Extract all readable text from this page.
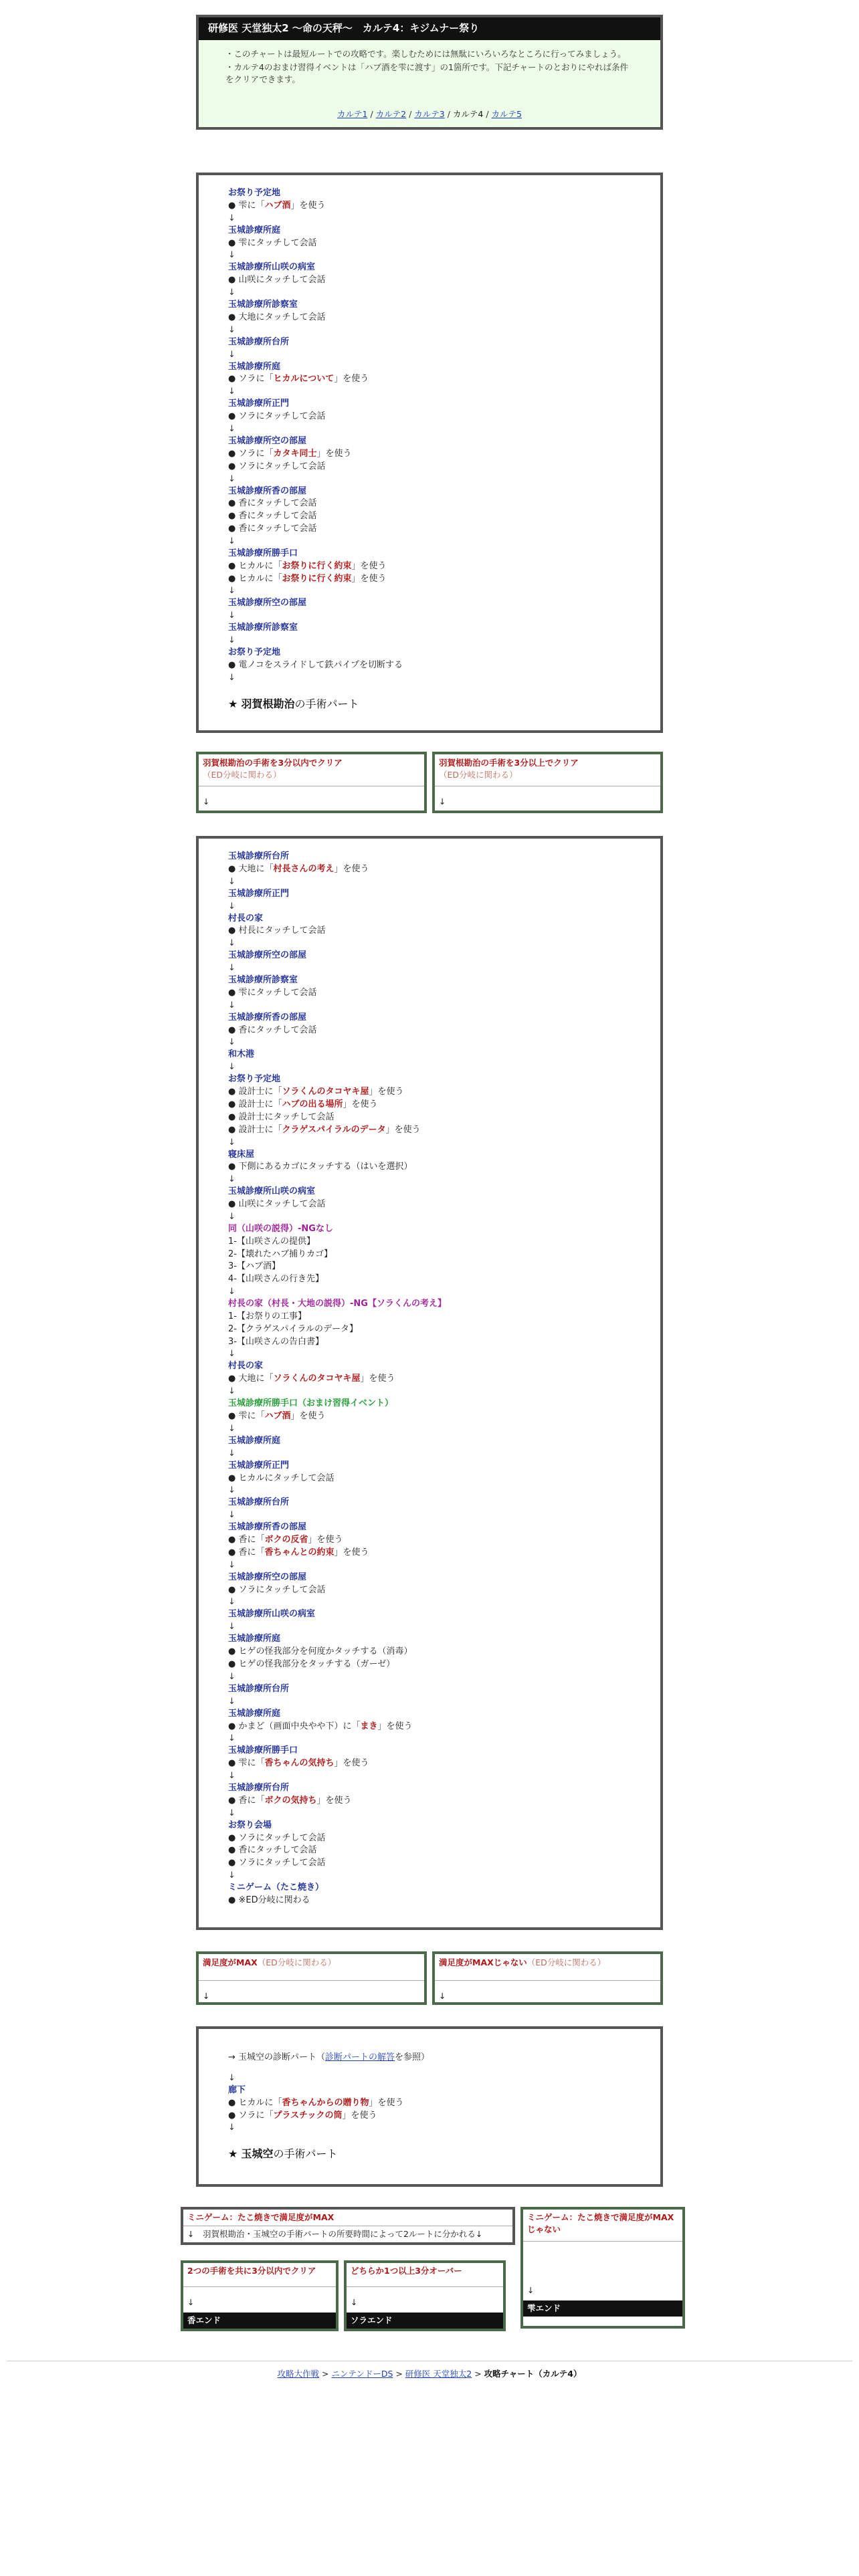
研修医 天堂独太2 〜命の天秤〜　カルテ4：キジムナー祭り

・このチャートは最短ルートでの攻略です。楽しむためには無駄にいろいろなところに行ってみましょう。

・カルテ4のおまけ習得イベントは「ハブ酒を雫に渡す」の1箇所です。下記チャートのとおりにやれば条件をクリアできます。

カルテ1 / カルテ2 / カルテ3 / カルテ4 / カルテ5
お祭り予定地
● 雫に「ハブ酒」を使う
↓
玉城診療所庭
● 雫にタッチして会話
↓
玉城診療所山咲の病室
● 山咲にタッチして会話
↓
玉城診療所診察室
● 大地にタッチして会話
↓
玉城診療所台所
↓
玉城診療所庭
● ソラに「ヒカルについて」を使う
↓
玉城診療所正門
● ソラにタッチして会話
↓
玉城診療所空の部屋
● ソラに「カタキ同士」を使う
● ソラにタッチして会話
↓
玉城診療所香の部屋
● 香にタッチして会話
● 香にタッチして会話
● 香にタッチして会話
↓
玉城診療所勝手口
● ヒカルに「お祭りに行く約束」を使う
● ヒカルに「お祭りに行く約束」を使う
↓
玉城診療所空の部屋
↓
玉城診療所診察室
↓
お祭り予定地
● 電ノコをスライドして鉄パイプを切断する
↓
★ 羽賀根勘治の手術パート
羽賀根勘治の手術を3分以内でクリア（ED分岐に関わる）
↓
羽賀根勘治の手術を3分以上でクリア（ED分岐に関わる）
↓
玉城診療所台所
● 大地に「村長さんの考え」を使う
↓
玉城診療所正門
↓
村長の家
● 村長にタッチして会話
↓
玉城診療所空の部屋
↓
玉城診療所診察室
● 雫にタッチして会話
↓
玉城診療所香の部屋
● 香にタッチして会話
↓
和木港
↓
お祭り予定地
● 設計士に「ソラくんのタコヤキ屋」を使う
● 設計士に「ハブの出る場所」を使う
● 設計士にタッチして会話
● 設計士に「クラゲスパイラルのデータ」を使う
↓
寝床屋
● 下側にあるカゴにタッチする（はいを選択）
↓
玉城診療所山咲の病室
● 山咲にタッチして会話
↓
同（山咲の説得）-NGなし
1-【山咲さんの提供】
2-【壊れたハブ捕りカゴ】
3-【ハブ酒】
4-【山咲さんの行き先】
↓
村長の家（村長・大地の説得）-NG【ソラくんの考え】
1-【お祭りの工事】
2-【クラゲスパイラルのデータ】
3-【山咲さんの告白書】
↓
村長の家
● 大地に「ソラくんのタコヤキ屋」を使う
↓
玉城診療所勝手口（おまけ習得イベント）
● 雫に「ハブ酒」を使う
↓
玉城診療所庭
↓
玉城診療所正門
● ヒカルにタッチして会話
↓
玉城診療所台所
↓
玉城診療所香の部屋
● 香に「ボクの反省」を使う
● 香に「香ちゃんとの約束」を使う
↓
玉城診療所空の部屋
● ソラにタッチして会話
↓
玉城診療所山咲の病室
↓
玉城診療所庭
● ヒゲの怪我部分を何度かタッチする（消毒）
● ヒゲの怪我部分をタッチする（ガーゼ）
↓
玉城診療所台所
↓
玉城診療所庭
● かまど（画面中央やや下）に「まき」を使う
↓
玉城診療所勝手口
● 雫に「香ちゃんの気持ち」を使う
↓
玉城診療所台所
● 香に「ボクの気持ち」を使う
↓
お祭り会場
● ソラにタッチして会話
● 香にタッチして会話
● ソラにタッチして会話
↓
ミニゲーム（たこ焼き）
● ※ED分岐に関わる
満足度がMAX（ED分岐に関わる）
↓
満足度がMAXじゃない（ED分岐に関わる）
↓
→ 玉城空の診断パート（診断パートの解答を参照）
↓
廊下
● ヒカルに「香ちゃんからの贈り物」を使う
● ソラに「プラスチックの筒」を使う
↓
★ 玉城空の手術パート
ミニゲーム：たこ焼きで満足度がMAX
↓　羽賀根勘治・玉城空の手術パートの所要時間によって2ルートに分かれる↓
2つの手術を共に3分以内でクリア
↓
香エンド
どちらか1つ以上3分オーバー
↓
ソラエンド
ミニゲーム：たこ焼きで満足度がMAXじゃない
↓
雫エンド
攻略大作戦 > ニンテンドーDS > 研修医 天堂独太2 > 攻略チャート（カルテ4）
